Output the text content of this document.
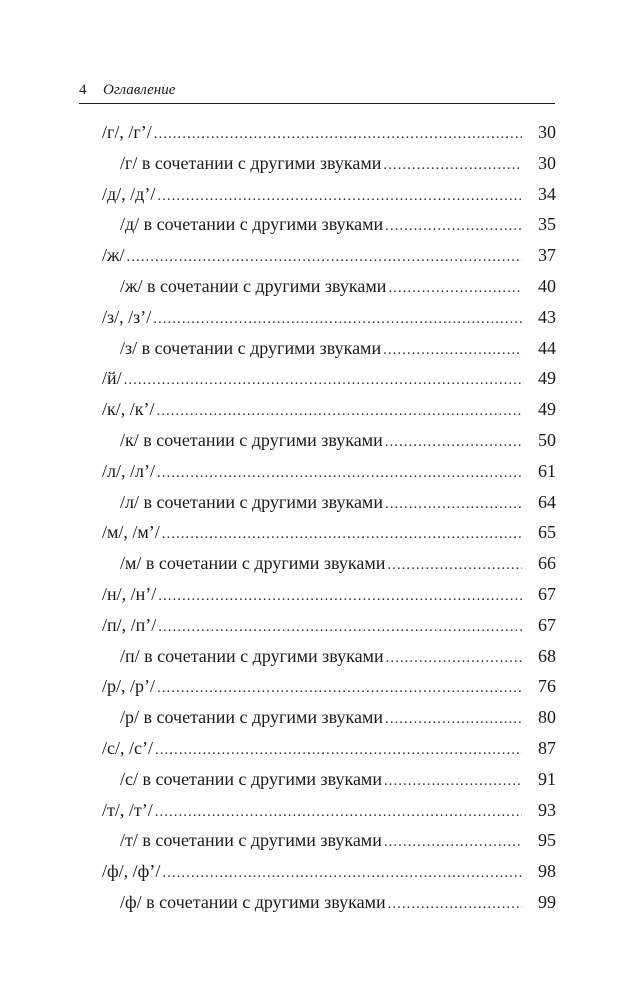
4 Оглавление
/г/, /г’/ .....	30
/г/ в сочетании с другими звуками .....	30
/д/, /д’/ .....	34
/д/ в сочетании с другими звуками .....	35
/ж/ .....	37
/ж/ в сочетании с другими звуками .....	40
/з/, /з’/ .....	43
/з/ в сочетании с другими звуками .....	44
/й/ .....	49
/к/, /к’/ .....	49
/к/ в сочетании с другими звуками .....	50
/л/, /л’/ .....	61
/л/ в сочетании с другими звуками .....	64
/м/, /м’/ .....	65
/м/ в сочетании с другими звуками .....	66
/н/, /н’/ .....	67
/п/, /п’/ .....	67
/п/ в сочетании с другими звуками .....	68
/р/, /р’/ .....	76
/р/ в сочетании с другими звуками .....	80
/с/, /с’/ .....	87
/с/ в сочетании с другими звуками .....	91
/т/, /т’/ .....	93
/т/ в сочетании с другими звуками .....	95
/ф/, /ф’/ .....	98
/ф/ в сочетании с другими звуками .....	99
